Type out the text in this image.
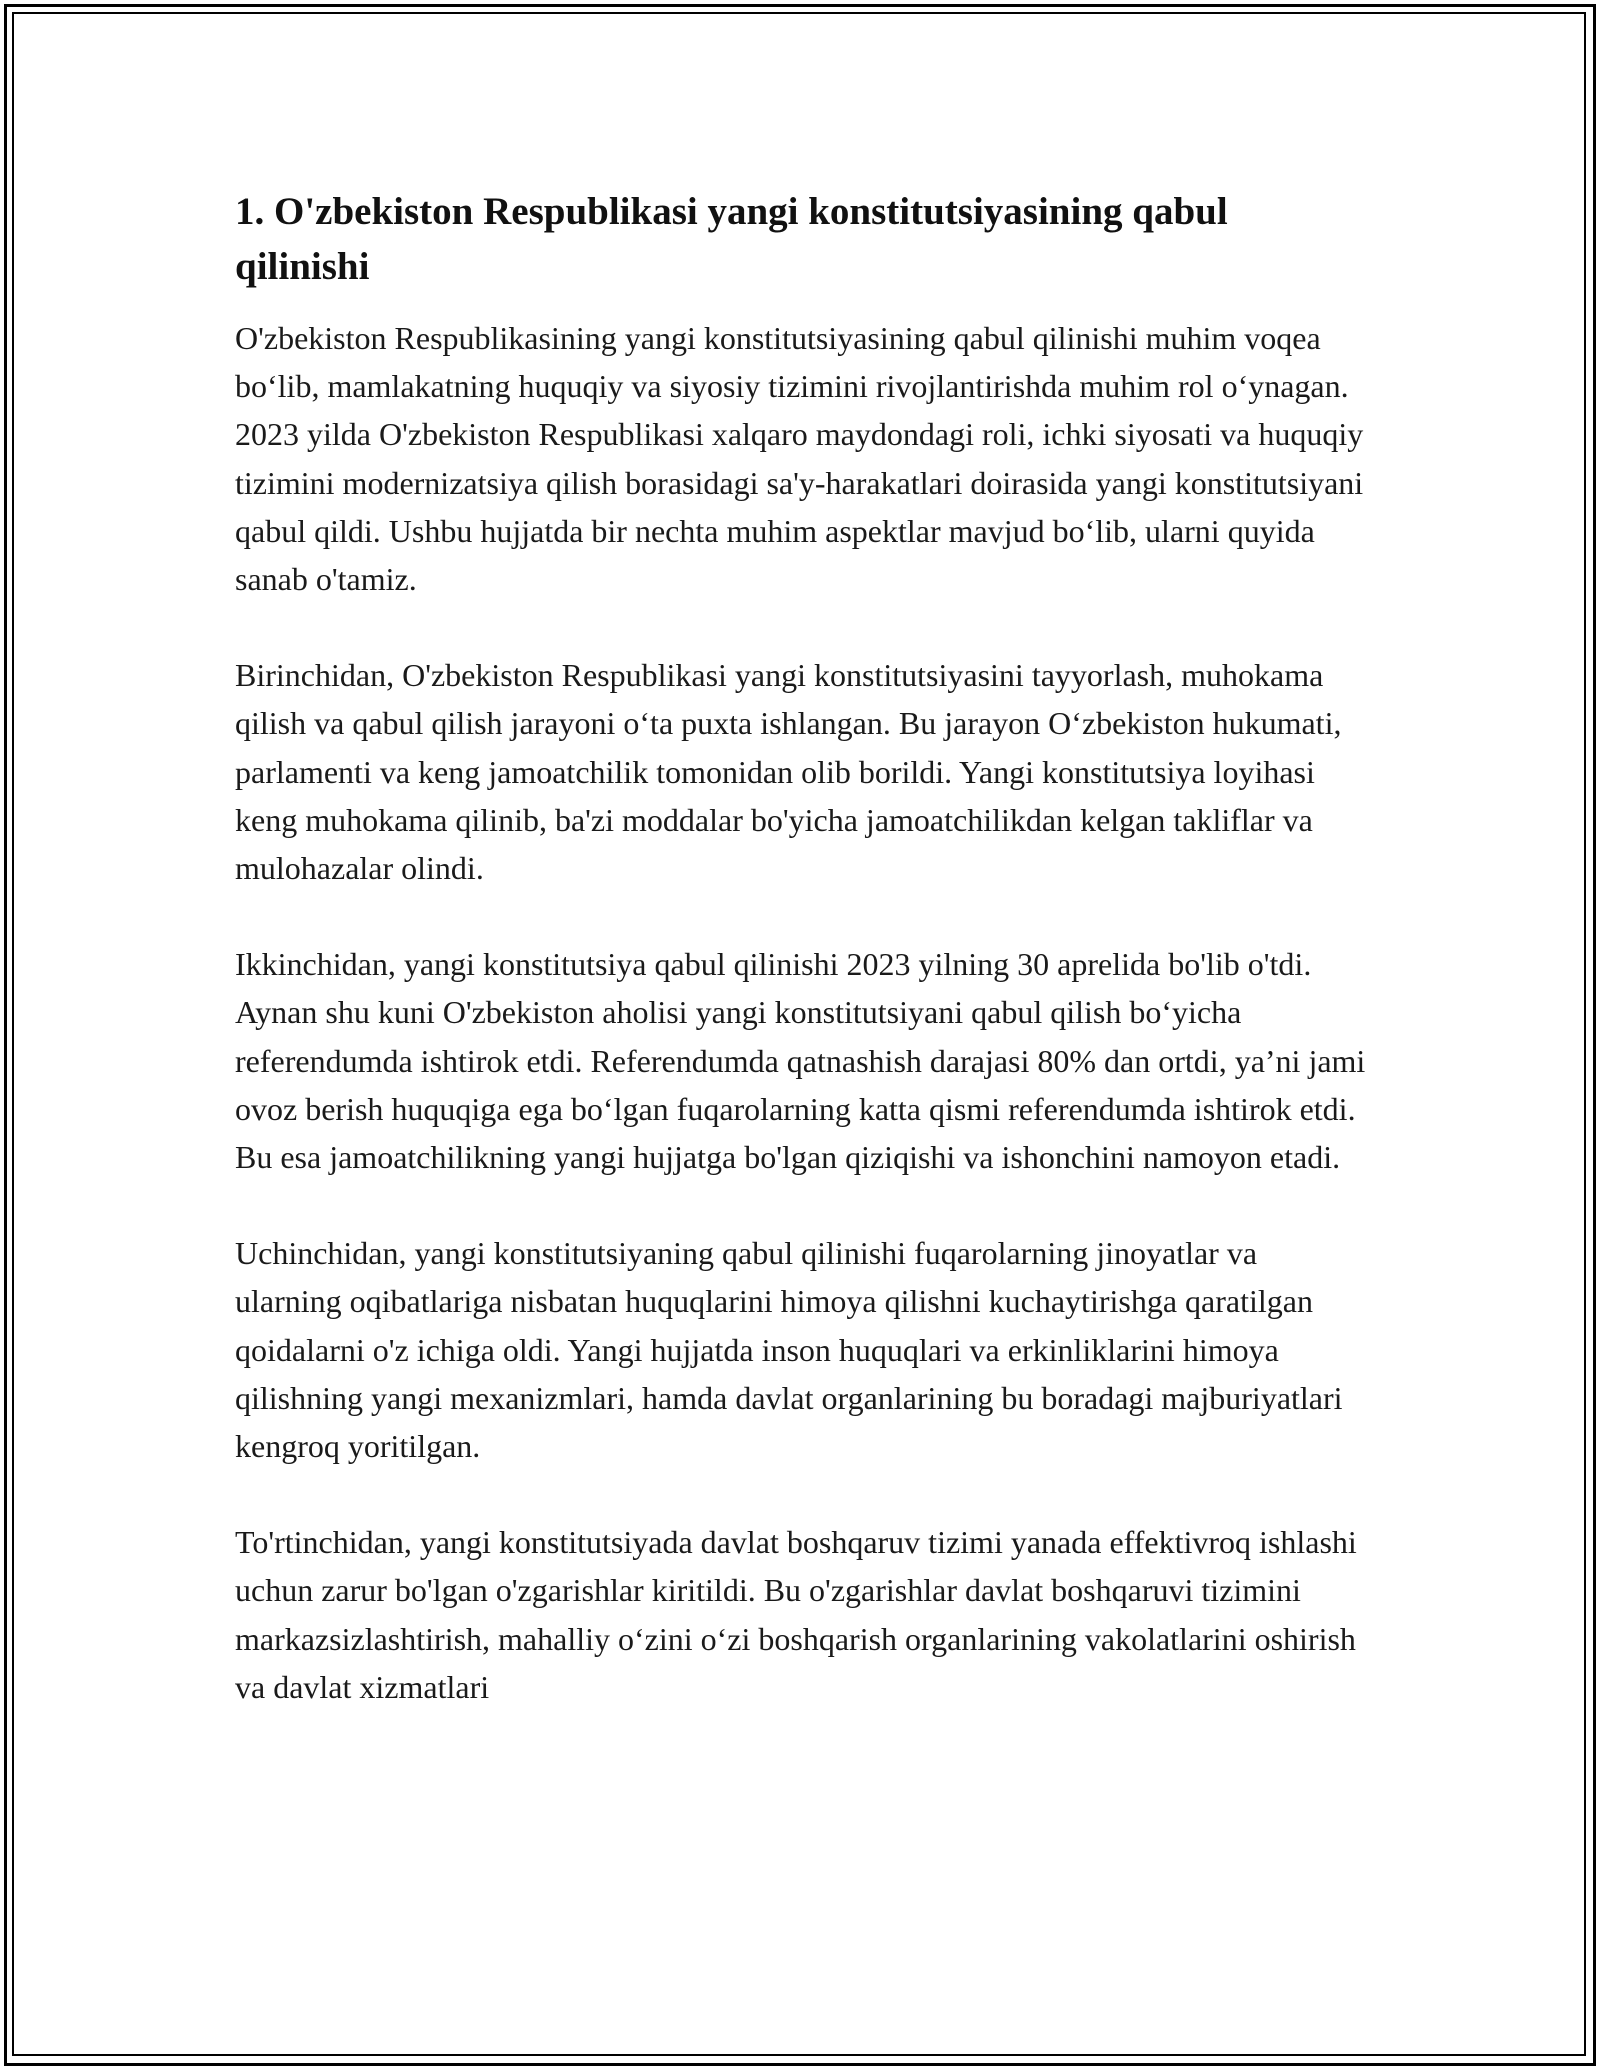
1. O'zbekiston Respublikasi yangi konstitutsiyasining qabul qilinishi

O'zbekiston Respublikasining yangi konstitutsiyasining qabul qilinishi muhim voqea bo‘lib, mamlakatning huquqiy va siyosiy tizimini rivojlantirishda muhim rol o‘ynagan. 2023 yilda O'zbekiston Respublikasi xalqaro maydondagi roli, ichki siyosati va huquqiy tizimini modernizatsiya qilish borasidagi sa'y-harakatlari doirasida yangi konstitutsiyani qabul qildi. Ushbu hujjatda bir nechta muhim aspektlar mavjud bo‘lib, ularni quyida sanab o'tamiz.

Birinchidan, O'zbekiston Respublikasi yangi konstitutsiyasini tayyorlash, muhokama qilish va qabul qilish jarayoni o‘ta puxta ishlangan. Bu jarayon O‘zbekiston hukumati, parlamenti va keng jamoatchilik tomonidan olib borildi. Yangi konstitutsiya loyihasi keng muhokama qilinib, ba'zi moddalar bo'yicha jamoatchilikdan kelgan takliflar va mulohazalar olindi.

Ikkinchidan, yangi konstitutsiya qabul qilinishi 2023 yilning 30 aprelida bo'lib o'tdi. Aynan shu kuni O'zbekiston aholisi yangi konstitutsiyani qabul qilish bo‘yicha referendumda ishtirok etdi. Referendumda qatnashish darajasi 80% dan ortdi, ya’ni jami ovoz berish huquqiga ega bo‘lgan fuqarolarning katta qismi referendumda ishtirok etdi. Bu esa jamoatchilikning yangi hujjatga bo'lgan qiziqishi va ishonchini namoyon etadi.

Uchinchidan, yangi konstitutsiyaning qabul qilinishi fuqarolarning jinoyatlar va ularning oqibatlariga nisbatan huquqlarini himoya qilishni kuchaytirishga qaratilgan qoidalarni o'z ichiga oldi. Yangi hujjatda inson huquqlari va erkinliklarini himoya qilishning yangi mexanizmlari, hamda davlat organlarining bu boradagi majburiyatlari kengroq yoritilgan.

To'rtinchidan, yangi konstitutsiyada davlat boshqaruv tizimi yanada effektivroq ishlashi uchun zarur bo'lgan o'zgarishlar kiritildi. Bu o'zgarishlar davlat boshqaruvi tizimini markazsizlashtirish, mahalliy o‘zini o‘zi boshqarish organlarining vakolatlarini oshirish va davlat xizmatlari
